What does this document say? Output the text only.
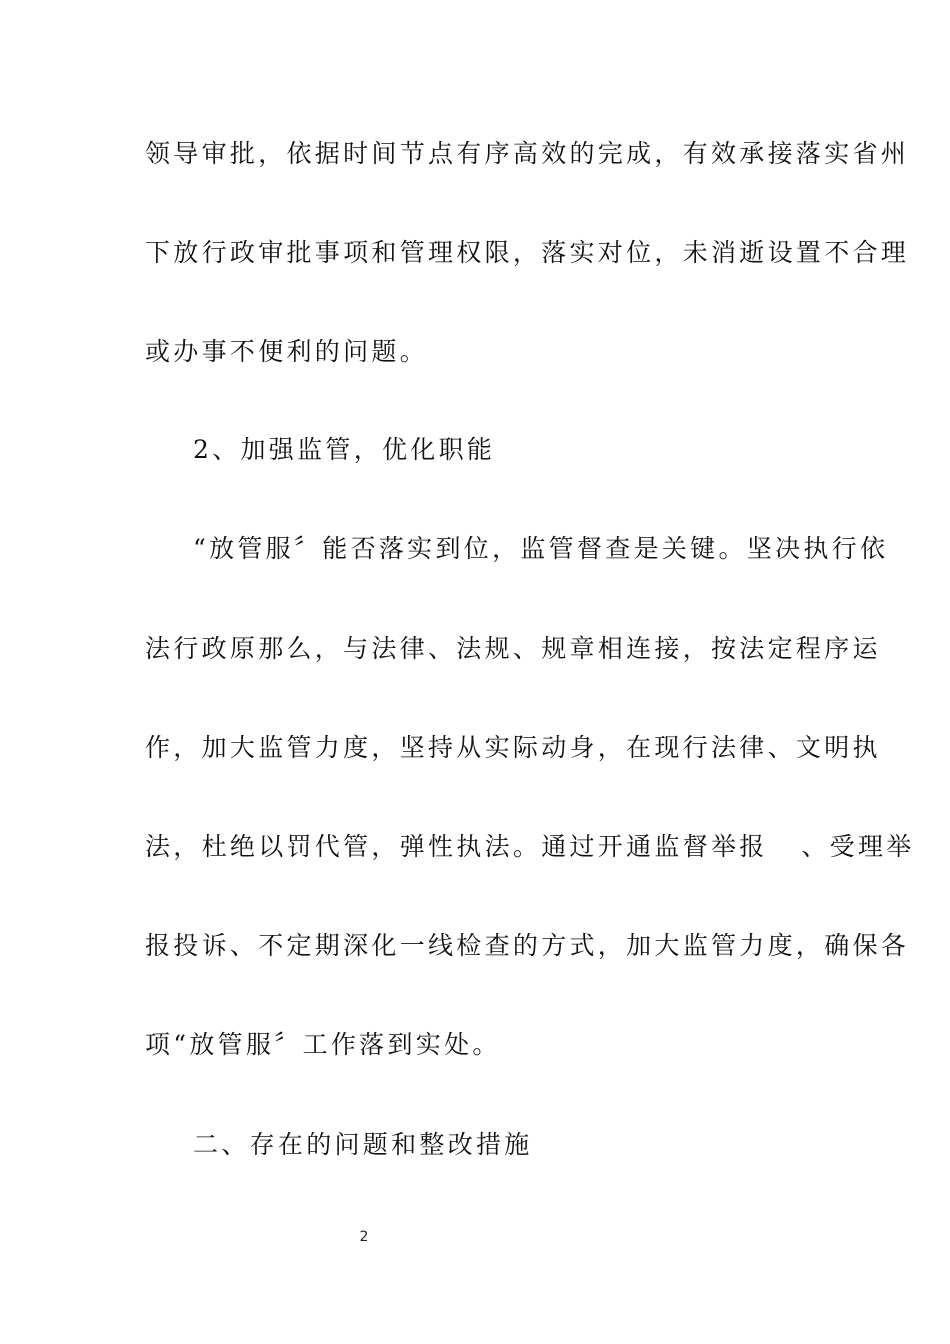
领导审批，依据时间节点有序高效的完成，有效承接落实省州
下放行政审批事项和管理权限，落实对位，未消逝设置不合理
或办事不便利的问题。
2、加强监管，优化职能
“放管服〞能否落实到位，监管督查是关键。坚决执行依
法行政原那么，与法律、法规、规章相连接，按法定程序运
作，加大监管力度，坚持从实际动身，在现行法律、文明执
法，杜绝以罚代管，弹性执法。通过开通监督举报   、受理举
报投诉、不定期深化一线检查的方式，加大监管力度，确保各
项“放管服〞工作落到实处。
二、存在的问题和整改措施
2
